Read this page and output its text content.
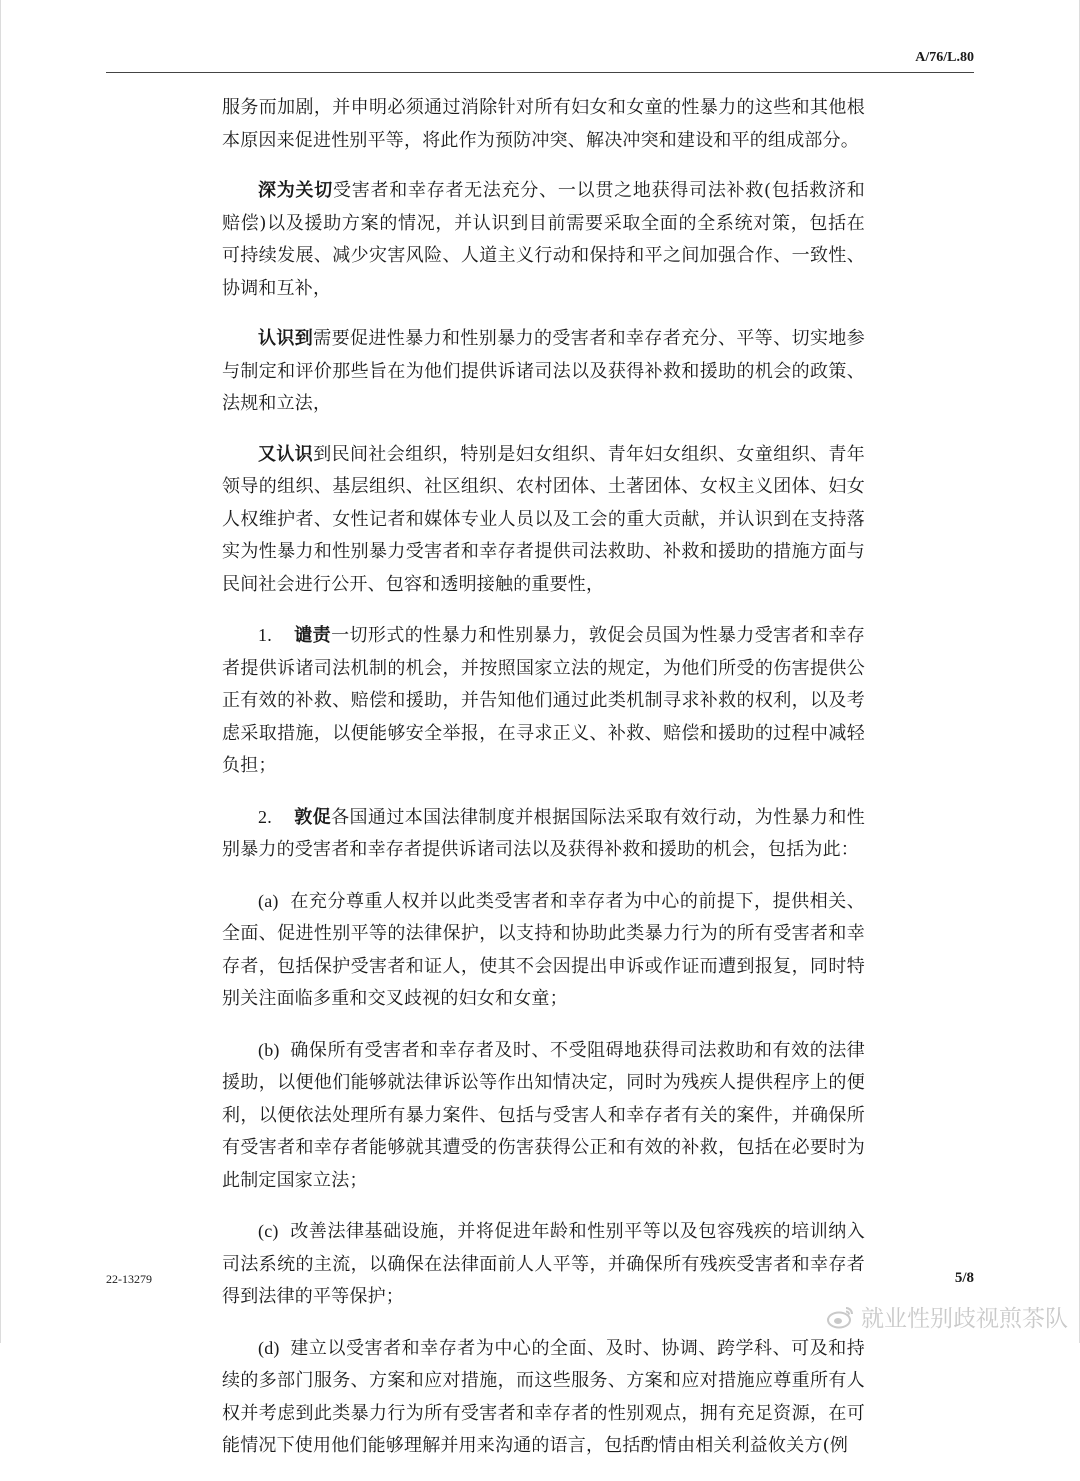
A/76/L.80

服务而加剧，并申明必须通过消除针对所有妇女和女童的性暴力的这些和其他根本原因来促进性别平等，将此作为预防冲突、解决冲突和建设和平的组成部分。

深为关切受害者和幸存者无法充分、一以贯之地获得司法补救(包括救济和赔偿)以及援助方案的情况，并认识到目前需要采取全面的全系统对策，包括在可持续发展、减少灾害风险、人道主义行动和保持和平之间加强合作、一致性、协调和互补，

认识到需要促进性暴力和性别暴力的受害者和幸存者充分、平等、切实地参与制定和评价那些旨在为他们提供诉诸司法以及获得补救和援助的机会的政策、法规和立法，

又认识到民间社会组织，特别是妇女组织、青年妇女组织、女童组织、青年领导的组织、基层组织、社区组织、农村团体、土著团体、女权主义团体、妇女人权维护者、女性记者和媒体专业人员以及工会的重大贡献，并认识到在支持落实为性暴力和性别暴力受害者和幸存者提供司法救助、补救和援助的措施方面与民间社会进行公开、包容和透明接触的重要性，

1. 谴责一切形式的性暴力和性别暴力，敦促会员国为性暴力受害者和幸存者提供诉诸司法机制的机会，并按照国家立法的规定，为他们所受的伤害提供公正有效的补救、赔偿和援助，并告知他们通过此类机制寻求补救的权利，以及考虑采取措施，以便能够安全举报，在寻求正义、补救、赔偿和援助的过程中减轻负担；

2. 敦促各国通过本国法律制度并根据国际法采取有效行动，为性暴力和性别暴力的受害者和幸存者提供诉诸司法以及获得补救和援助的机会，包括为此：

(a) 在充分尊重人权并以此类受害者和幸存者为中心的前提下，提供相关、全面、促进性别平等的法律保护，以支持和协助此类暴力行为的所有受害者和幸存者，包括保护受害者和证人，使其不会因提出申诉或作证而遭到报复，同时特别关注面临多重和交叉歧视的妇女和女童；

(b) 确保所有受害者和幸存者及时、不受阻碍地获得司法救助和有效的法律援助，以便他们能够就法律诉讼等作出知情决定，同时为残疾人提供程序上的便利，以便依法处理所有暴力案件、包括与受害人和幸存者有关的案件，并确保所有受害者和幸存者能够就其遭受的伤害获得公正和有效的补救，包括在必要时为此制定国家立法；

(c) 改善法律基础设施，并将促进年龄和性别平等以及包容残疾的培训纳入司法系统的主流，以确保在法律面前人人平等，并确保所有残疾受害者和幸存者得到法律的平等保护；

(d) 建立以受害者和幸存者为中心的全面、及时、协调、跨学科、可及和持续的多部门服务、方案和应对措施，而这些服务、方案和应对措施应尊重所有人权并考虑到此类暴力行为所有受害者和幸存者的性别观点，拥有充足资源，在可能情况下使用他们能够理解并用来沟通的语言，包括酌情由相关利益攸关方(例

22-13279	5/8
就业性别歧视煎茶队
